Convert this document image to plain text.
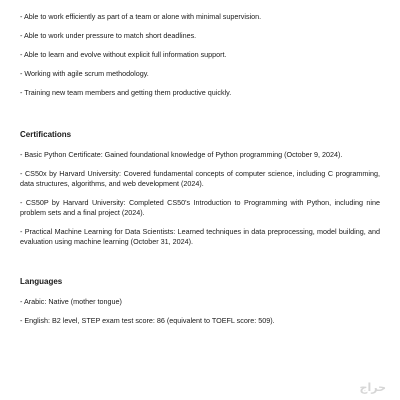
- Able to work efficiently as part of a team or alone with minimal supervision.

- Able to work under pressure to match short deadlines.

- Able to learn and evolve without explicit full information support.

- Working with agile scrum methodology.

- Training new team members and getting them productive quickly.

Certifications

- Basic Python Certificate: Gained foundational knowledge of Python programming (October 9, 2024).

- CS50x by Harvard University: Covered fundamental concepts of computer science, including C programming, data structures, algorithms, and web development (2024).

- CS50P by Harvard University: Completed CS50's Introduction to Programming with Python, including nine problem sets and a final project (2024).

- Practical Machine Learning for Data Scientists: Learned techniques in data preprocessing, model building, and evaluation using machine learning (October 31, 2024).

Languages

- Arabic: Native (mother tongue)

- English: B2 level, STEP exam test score: 86 (equivalent to TOEFL score: 509).

حراج
